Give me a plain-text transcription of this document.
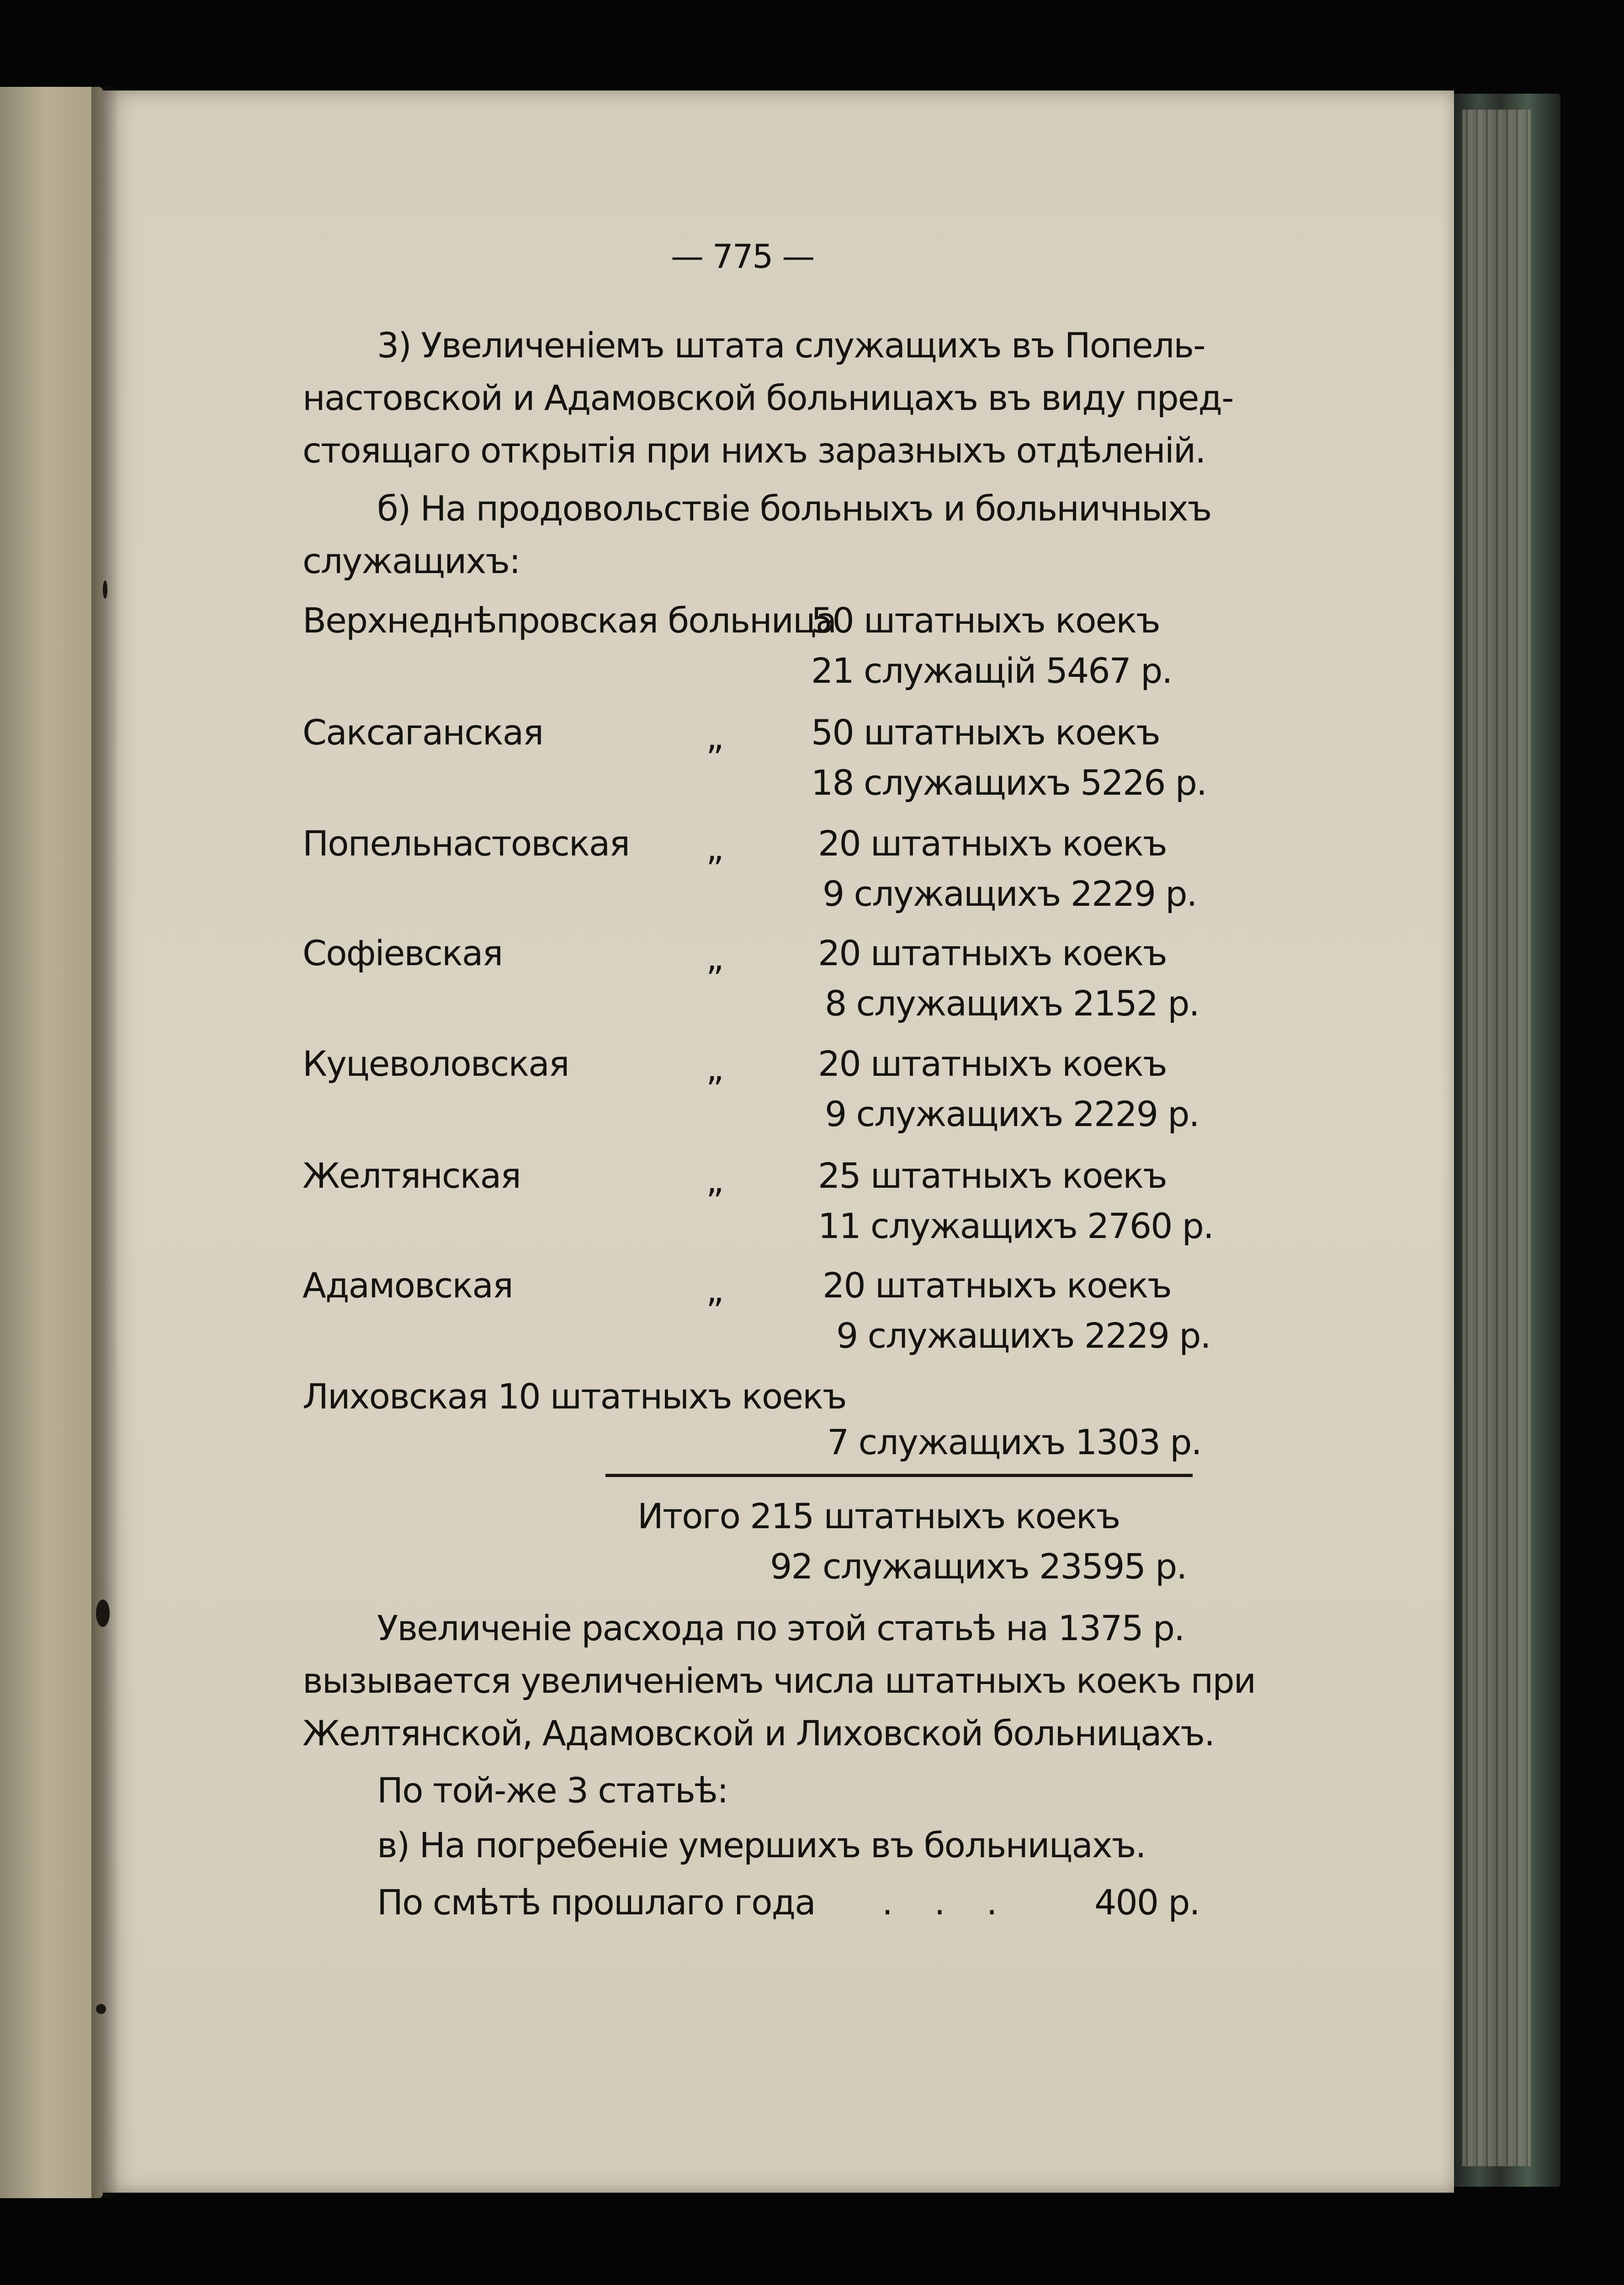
— 775 —
3) Увеличеніемъ штата служащихъ въ Попель-
настовской и Адамовской больницахъ въ виду пред-
стоящаго открытія при нихъ заразныхъ отдѣленій.
б) На продовольствіе больныхъ и больничныхъ
служащихъ:
Верхнеднѣпровская больница
50 штатныхъ коекъ
21 служащій 5467 р.
Саксаганская	„	50 штатныхъ коекъ
18 служащихъ 5226 р.
Попельнастовская „	20 штатныхъ коекъ
9 служащихъ 2229 р.
Софіевская	„	20 штатныхъ коекъ
8 служащихъ 2152 р.
Куцеволовская	„	20 штатныхъ коекъ
9 служащихъ 2229 р.
Желтянская	„	25 штатныхъ коекъ
11 служащихъ 2760 р.
Адамовская	„	20 штатныхъ коекъ
9 служащихъ 2229 р.
Лиховская 10 штатныхъ коекъ
7 служащихъ 1303 р.
Итого 215 штатныхъ коекъ
92 служащихъ 23595 р.
Увеличеніе расхода по этой статьѣ на 1375 р.
вызывается увеличеніемъ числа штатныхъ коекъ при
Желтянской, Адамовской и Лиховской больницахъ.
По той-же 3 статьѣ:
в) На погребеніе умершихъ въ больницахъ.
По смѣтѣ прошлаго года . . .	400 р.
